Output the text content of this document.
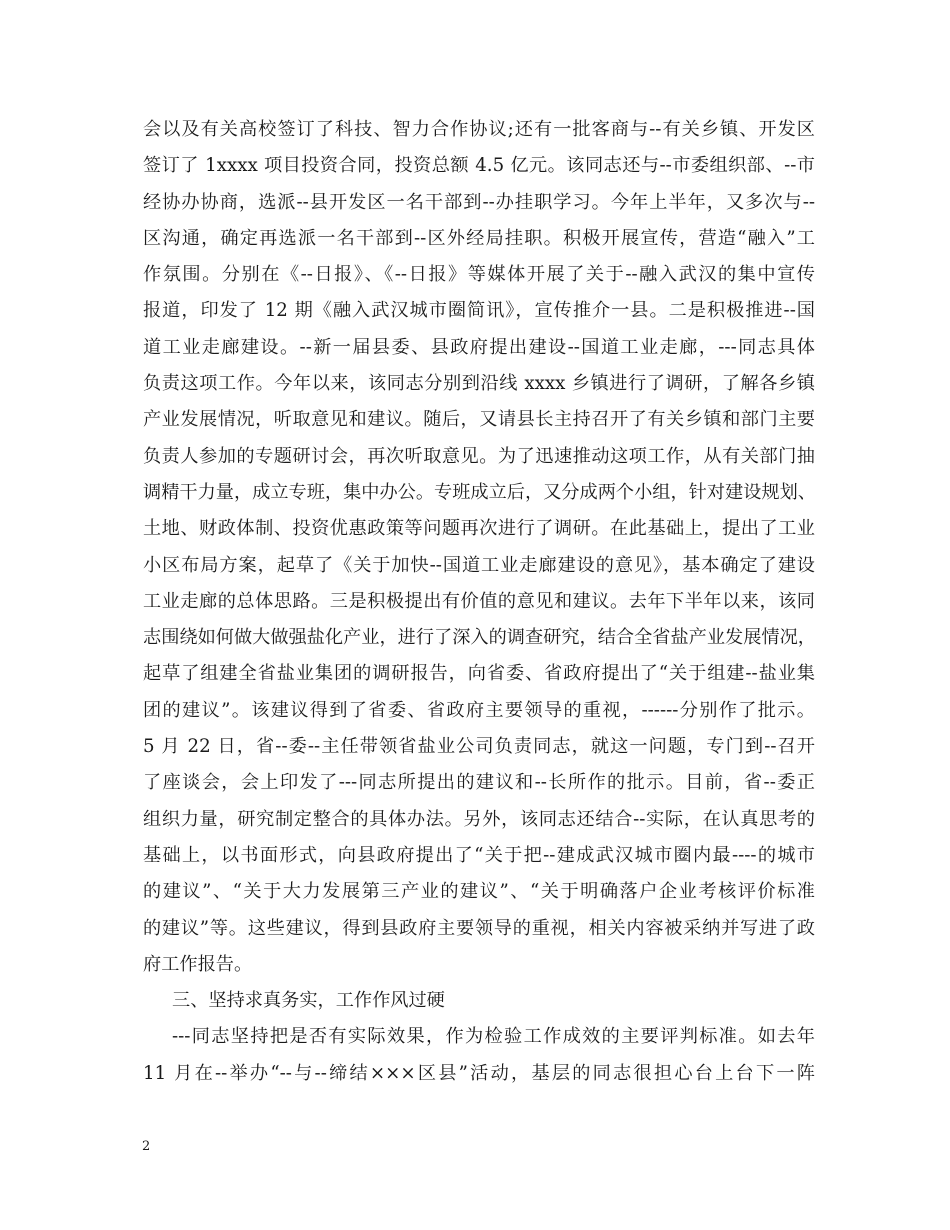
会以及有关高校签订了科技、智力合作协议;还有一批客商与--有关乡镇、开发区
签订了 1xxxx 项目投资合同，投资总额 4.5 亿元。该同志还与--市委组织部、--市
经协办协商，选派--县开发区一名干部到--办挂职学习。今年上半年，又多次与--
区沟通，确定再选派一名干部到--区外经局挂职。积极开展宣传，营造“融入”工
作氛围。分别在《--日报》、《--日报》等媒体开展了关于--融入武汉的集中宣传
报道，印发了 12 期《融入武汉城市圈简讯》，宣传推介一县。二是积极推进--国
道工业走廊建设。--新一届县委、县政府提出建设--国道工业走廊，---同志具体
负责这项工作。今年以来，该同志分别到沿线 xxxx 乡镇进行了调研，了解各乡镇
产业发展情况，听取意见和建议。随后，又请县长主持召开了有关乡镇和部门主要
负责人参加的专题研讨会，再次听取意见。为了迅速推动这项工作，从有关部门抽
调精干力量，成立专班，集中办公。专班成立后，又分成两个小组，针对建设规划、
土地、财政体制、投资优惠政策等问题再次进行了调研。在此基础上，提出了工业
小区布局方案，起草了《关于加快--国道工业走廊建设的意见》，基本确定了建设
工业走廊的总体思路。三是积极提出有价值的意见和建议。去年下半年以来，该同
志围绕如何做大做强盐化产业，进行了深入的调查研究，结合全省盐产业发展情况，
起草了组建全省盐业集团的调研报告，向省委、省政府提出了“关于组建--盐业集
团的建议”。该建议得到了省委、省政府主要领导的重视，------分别作了批示。
5 月 22 日，省--委--主任带领省盐业公司负责同志，就这一问题，专门到--召开
了座谈会，会上印发了---同志所提出的建议和--长所作的批示。目前，省--委正
组织力量，研究制定整合的具体办法。另外，该同志还结合--实际，在认真思考的
基础上，以书面形式，向县政府提出了“关于把--建成武汉城市圈内最----的城市
的建议”、“关于大力发展第三产业的建议”、“关于明确落户企业考核评价标准
的建议”等。这些建议，得到县政府主要领导的重视，相关内容被采纳并写进了政
府工作报告。
三、坚持求真务实，工作作风过硬
---同志坚持把是否有实际效果，作为检验工作成效的主要评判标准。如去年
11 月在--举办“--与--缔结×××区县”活动，基层的同志很担心台上台下一阵
2
